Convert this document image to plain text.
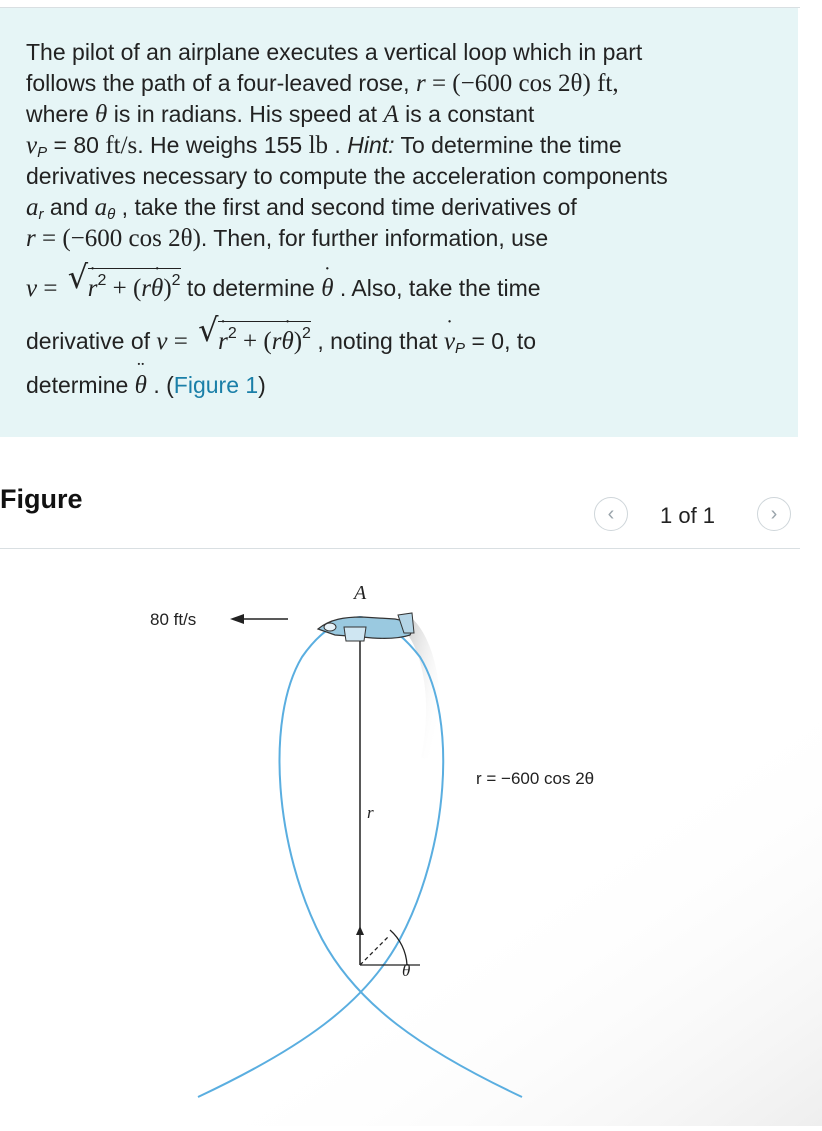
The pilot of an airplane executes a vertical loop which in part
follows the path of a four-leaved rose, r = (−600 cos 2θ) ft,
where θ is in radians. His speed at A is a constant
$v_P = 80$ ft/s. He weighs 155 lb . Hint: To determine the time
derivatives necessary to compute the acceleration components
$a_r$ and $a_\theta$ , take the first and second time derivatives of
r = (−600 cos 2θ). Then, for further information, use
v = √ ˙ $r^2$ + (r˙ θ)$^2$ to determine ˙ θ . Also, take the time
derivative of v = √ ˙ $r^2$ + (r˙ θ)$^2$ , noting that ˙ $v_P = 0$, to
determine ¨ θ . (Figure 1)
Figure	‹ 1 of 1	›
80 ft/s
A
r
θ
r = −600 cos 2θ
